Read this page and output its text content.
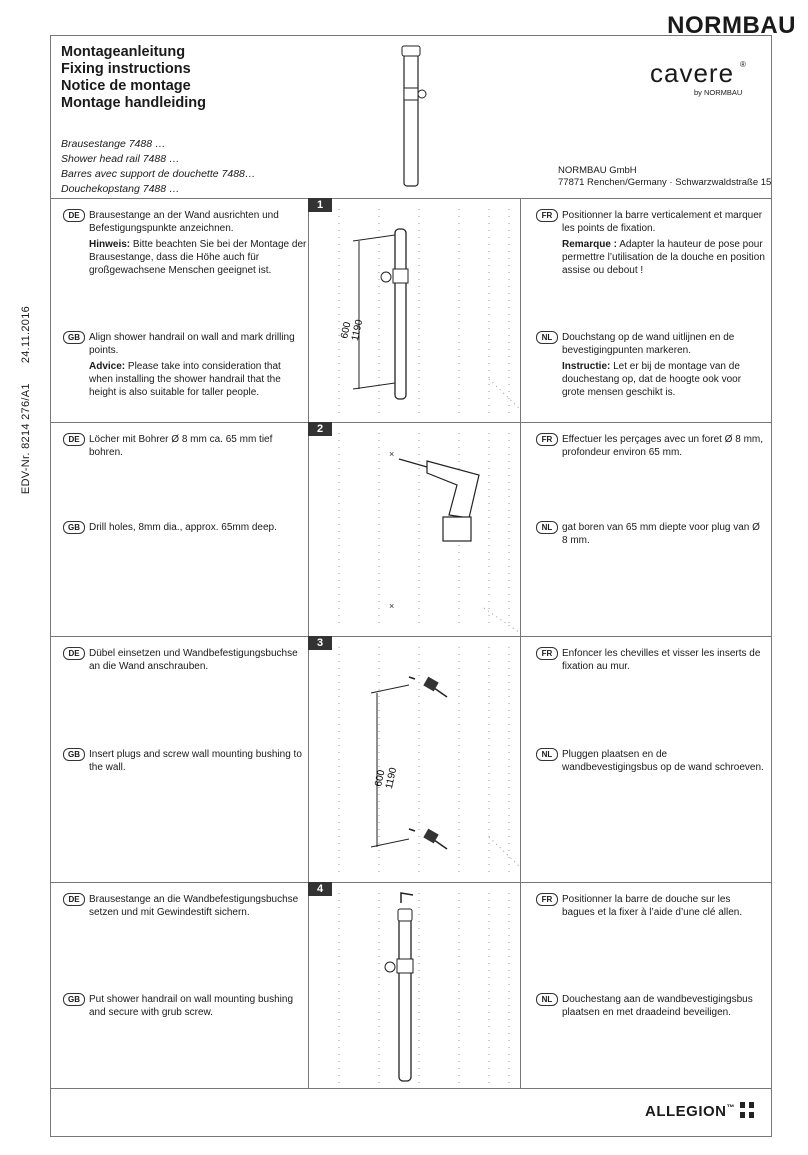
NORMBAU
EDV-Nr. 8214 276/A124.11.2016
Montageanleitung
Fixing instructions
Notice de montage
Montage handleiding
Brausestange 7488 …
Shower head rail 7488 …
Barres avec support de douchette 7488…
Douchekopstang 7488 …
NORMBAU GmbH
77871 Renchen/Germany · Schwarzwaldstraße 15
cavere ®
by NORMBAU
1
600
1190
DE Brausestange an der Wand ausrichten und Befestigungspunkte anzeichnen.

Hinweis: Bitte beachten Sie bei der Montage der Brausestange, dass die Höhe auch für großgewachsene Menschen geeignet ist.

GB Align shower handrail on wall and mark drilling points.

Advice: Please take into consideration that when installing the shower handrail that the height is also suitable for taller people.

FR Positionner la barre verticalement et marquer les points de fixation.

Remarque : Adapter la hauteur de pose pour permettre l’utilisation de la douche en position assise ou debout !

NL Douchstang op de wand uitlijnen en de bevestigingpunten markeren.

Instructie: Let er bij de montage van de douchestang op, dat de hoogte ook voor grote mensen geschikt is.

2
×
×
DE Löcher mit Bohrer Ø 8 mm ca. 65 mm tief bohren.

GB Drill holes, 8mm dia., approx. 65mm deep.

FR Effectuer les perçages avec un foret Ø 8 mm, profondeur environ 65 mm.

NL gat boren van 65 mm diepte voor plug van Ø 8 mm.

3
600
1190
DE Dübel einsetzen und Wandbefestigungsbuchse an die Wand anschrauben.

GB Insert plugs and screw wall mounting bushing to the wall.

FR Enfoncer les chevilles et visser les inserts de fixation au mur.

NL Pluggen plaatsen en de wandbevestigingsbus op de wand schroeven.

4
DE Brausestange an die Wandbefestigungsbuchse setzen und mit Gewindestift sichern.

GB Put shower handrail on wall mounting bushing and secure with grub screw.

FR Positionner la barre de douche sur les bagues et la fixer à l’aide d’une clé allen.

NL Douchestang aan de wandbevestigingsbus plaatsen en met draadeind beveiligen.

ALLEGION™
